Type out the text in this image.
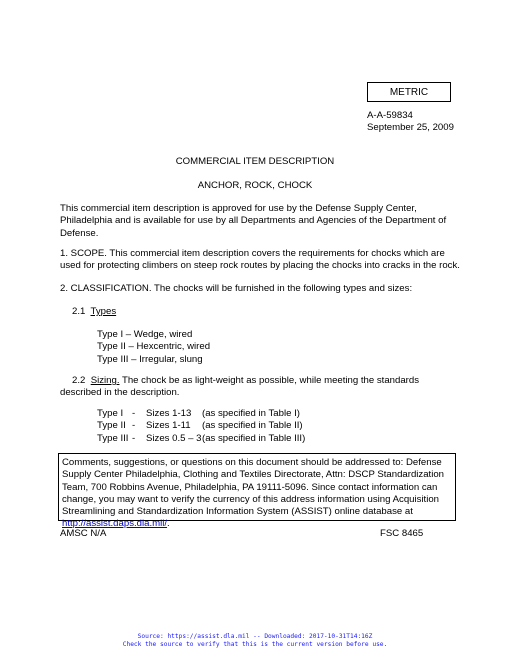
METRIC
A-A-59834
September 25, 2009
COMMERCIAL ITEM DESCRIPTION
ANCHOR, ROCK, CHOCK
This commercial item description is approved for use by the Defense Supply Center, Philadelphia and is available for use by all Departments and Agencies of the Department of Defense.
1. SCOPE. This commercial item description covers the requirements for chocks which are used for protecting climbers on steep rock routes by placing the chocks into cracks in the rock.
2. CLASSIFICATION. The chocks will be furnished in the following types and sizes:
2.1 Types
Type I – Wedge, wired
Type II – Hexcentric, wired
Type III – Irregular, slung
2.2 Sizing. The chock be as light-weight as possible, while meeting the standards described in the description.
Type I	-	Sizes 1-13	(as specified in Table I)
Type II	-	Sizes 1-11	(as specified in Table II)
Type III	-	Sizes 0.5 – 3	(as specified in Table III)
Comments, suggestions, or questions on this document should be addressed to: Defense Supply Center Philadelphia, Clothing and Textiles Directorate, Attn: DSCP Standardization Team, 700 Robbins Avenue, Philadelphia, PA 19111-5096. Since contact information can change, you may want to verify the currency of this address information using Acquisition Streamlining and Standardization Information System (ASSIST) online database at http://assist.daps.dla.mil/.
AMSC N/A	FSC 8465
Source: https://assist.dla.mil -- Downloaded: 2017-10-31T14:16Z
Check the source to verify that this is the current version before use.
